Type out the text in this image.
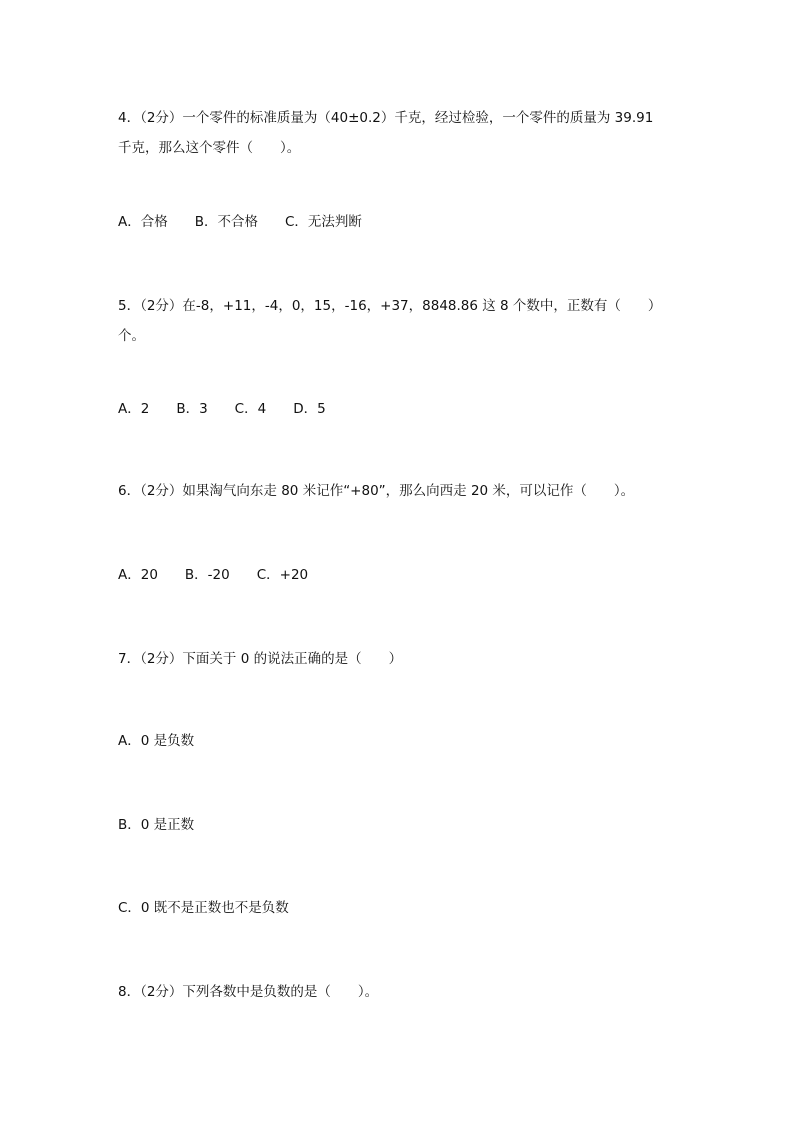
4．（2分）一个零件的标准质量为（40±0.2）千克，经过检验，一个零件的质量为 39.91
千克，那么这个零件（　　）。
A．合格　　B．不合格　　C．无法判断
5．（2分）在-8，+11，-4，0，15，-16，+37，8848.86 这 8 个数中，正数有（　　）
个。
A．2　　B．3　　C．4　　D．5
6．（2分）如果淘气向东走 80 米记作“+80”，那么向西走 20 米，可以记作（　　）。
A．20　　B．-20　　C．+20
7．（2分）下面关于 0 的说法正确的是（　　）
A．0 是负数
B．0 是正数
C．0 既不是正数也不是负数
8．（2分）下列各数中是负数的是（　　）。
